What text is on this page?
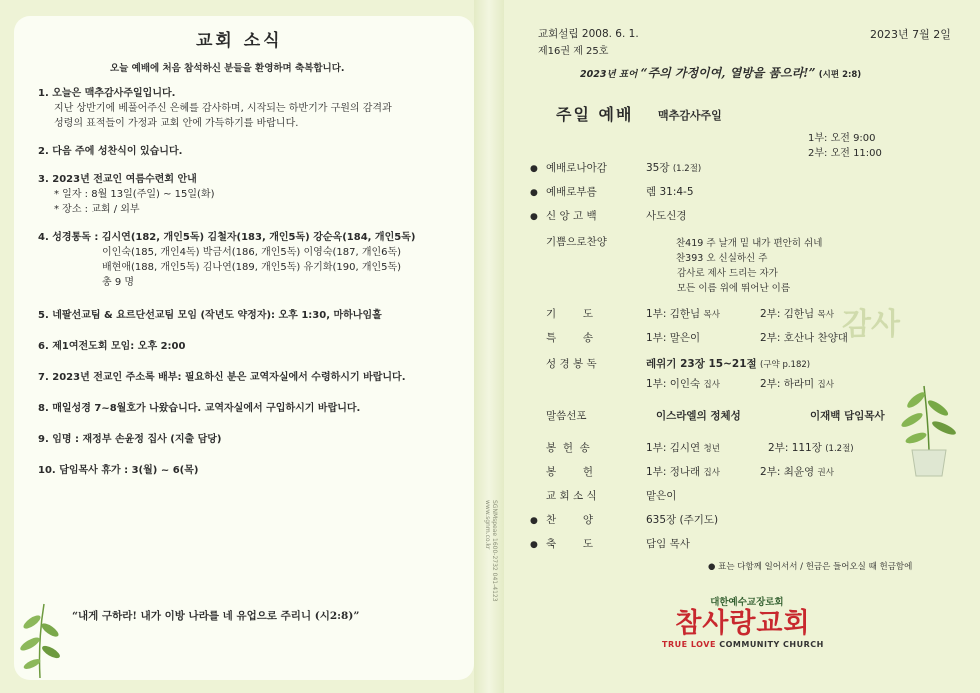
SGNMspeae 1600-2732 041-4123 www.sgnm.co.kr
교회 소식
오늘 예배에 처음 참석하신 분들을 환영하며 축복합니다.
1. 오늘은 맥추감사주일입니다.
지난 상반기에 베풀어주신 은혜를 감사하며, 시작되는 하반기가 구원의 감격과
성령의 표적들이 가정과 교회 안에 가득하기를 바랍니다.
2. 다음 주에 성찬식이 있습니다.
3. 2023년 전교인 여름수련회 안내
* 일자 : 8월 13일(주일) ~ 15일(화)
* 장소 : 교회 / 외부
4. 성경통독 : 김시연(182, 개인5독) 김철자(183, 개인5독) 강순옥(184, 개인5독)
이인숙(185, 개인4독) 박금서(186, 개인5독) 이영숙(187, 개인6독)
배현애(188, 개인5독) 김나연(189, 개인5독) 유기화(190, 개인5독)
총 9 명
5. 네팔선교팀 & 요르단선교팀 모임 (작년도 약정자): 오후 1:30, 마하나임홀
6. 제1여전도회 모임: 오후 2:00
7. 2023년 전교인 주소록 배부: 필요하신 분은 교역자실에서 수령하시기 바랍니다.
8. 매일성경 7~8월호가 나왔습니다. 교역자실에서 구입하시기 바랍니다.
9. 임명 : 재정부 손윤정 집사 (지출 담당)
10. 담임목사 휴가 : 3(월) ~ 6(목)
“내게 구하라! 내가 이방 나라를 네 유업으로 주리니 (시2:8)”
교회설립 2008. 6. 1.
제16권 제 25호
2023년 7월 2일
2023년 표어 “주의 가정이여, 열방을 품으라!” (시편 2:8)
주일 예배 맥추감사주일
1부: 오전 9:00
2부: 오전 11:00
● 예배로나아감	35장 (1.2절)
● 예배로부름	렘 31:4-5
● 신 앙 고 백	사도신경
기쁨으로찬양	찬419 주 날개 밑 내가 편안히 쉬네
찬393 오 신실하신 주
감사로 제사 드리는 자가
모든 이름 위에 뛰어난 이름
기        도	1부: 김한님 목사	2부: 김한님 목사
특        송	1부: 말은이	2부: 호산나 찬양대
성 경 봉 독	레위기 23장 15~21절 (구약 p.182)
1부: 이인숙 집사	2부: 하라미 집사
말씀선포	이스라엘의 정체성	이재백 담임목사
봉  헌  송	1부: 김시연 청년	2부: 111장 (1.2절)
봉        헌	1부: 정나래 집사	2부: 최윤영 권사
교 회 소 식	맡은이
● 찬        양	635장 (주기도)
● 축        도	담임 목사
● 표는 다함께 일어서서 / 헌금은 들어오실 때 헌금함에
감사
대한예수교장로회
참사랑교회
TRUE LOVE COMMUNITY CHURCH
